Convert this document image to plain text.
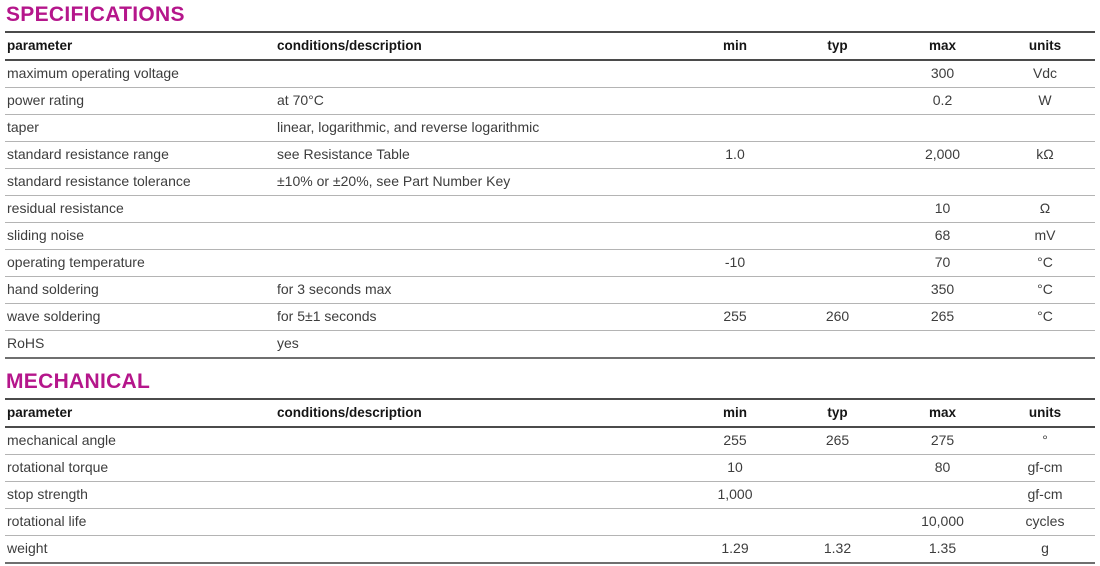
SPECIFICATIONS
parameter	conditions/description	min	typ	max	units
maximum operating voltage				300	Vdc
power rating	at 70°C			0.2	W
taper	linear, logarithmic, and reverse logarithmic				
standard resistance range	see Resistance Table	1.0		2,000	kΩ
standard resistance tolerance	±10% or ±20%, see Part Number Key				
residual resistance				10	Ω
sliding noise				68	mV
operating temperature		-10		70	°C
hand soldering	for 3 seconds max			350	°C
wave soldering	for 5±1 seconds	255	260	265	°C
RoHS	yes				
MECHANICAL
parameter	conditions/description	min	typ	max	units
mechanical angle		255	265	275	°
rotational torque		10		80	gf-cm
stop strength		1,000			gf-cm
rotational life				10,000	cycles
weight		1.29	1.32	1.35	g
